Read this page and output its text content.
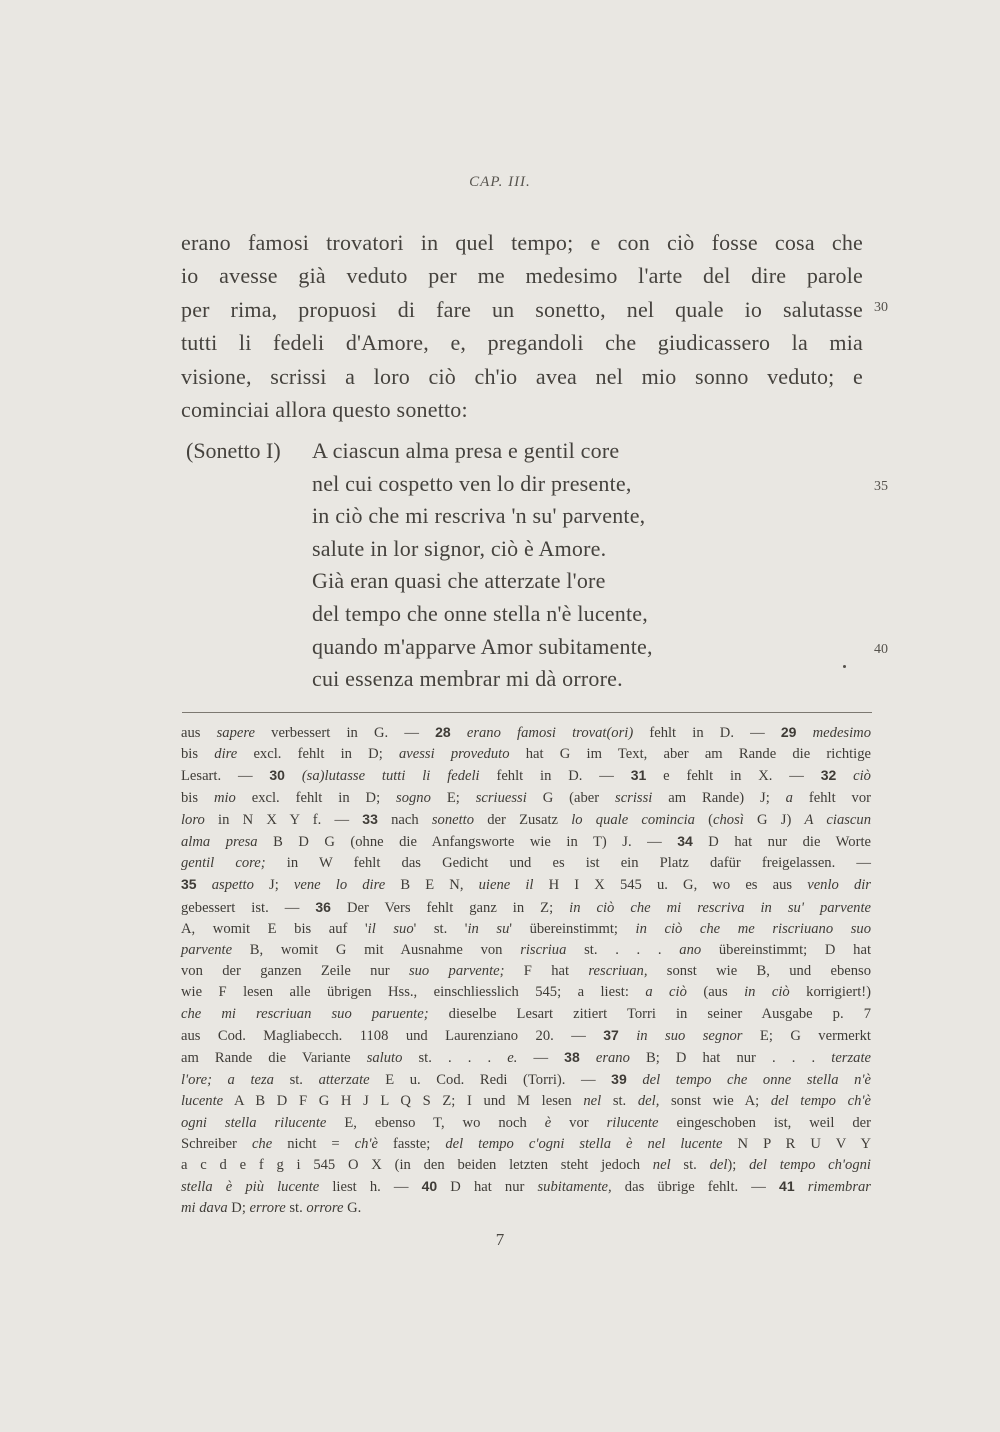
CAP. III.
erano famosi trovatori in quel tempo; e con ciò fosse cosa che
io avesse già veduto per me medesimo l'arte del dire parole
per rima, propuosi di fare un sonetto, nel quale io salutasse
tutti li fedeli d'Amore, e, pregandoli che giudicassero la mia
visione, scrissi a loro ciò ch'io avea nel mio sonno veduto; e
cominciai allora questo sonetto:
30
(Sonetto I) A ciascun alma presa e gentil core
nel cui cospetto ven lo dir presente,
in ciò che mi rescriva 'n su' parvente,
salute in lor signor, ciò è Amore.
Già eran quasi che atterzate l'ore
del tempo che onne stella n'è lucente,
quando m'apparve Amor subitamente,
cui essenza membrar mi dà orrore.
35
40
aus sapere verbessert in G. — 28 erano famosi trovat(ori) fehlt in D. — 29 medesimo
bis dire excl. fehlt in D; avessi proveduto hat G im Text, aber am Rande die richtige
Lesart. — 30 (sa)lutasse tutti li fedeli fehlt in D. — 31 e fehlt in X. — 32 ciò
bis mio excl. fehlt in D; sogno E; scriuessi G (aber scrissi am Rande) J; a fehlt vor
loro in N X Y f. — 33 nach sonetto der Zusatz lo quale comincia (chosì G J) A ciascun
alma presa B D G (ohne die Anfangsworte wie in T) J. — 34 D hat nur die Worte
gentil core; in W fehlt das Gedicht und es ist ein Platz dafür freigelassen. —
35 aspetto J; vene lo dire B E N, uiene il H I X 545 u. G, wo es aus venlo dir
gebessert ist. — 36 Der Vers fehlt ganz in Z; in ciò che mi rescriva in su' parvente
A, womit E bis auf 'il suo' st. 'in su' übereinstimmt; in ciò che me riscriuano suo
parvente B, womit G mit Ausnahme von riscriua st. . . . ano übereinstimmt; D hat
von der ganzen Zeile nur suo parvente; F hat rescriuan, sonst wie B, und ebenso
wie F lesen alle übrigen Hss., einschliesslich 545; a liest: a ciò (aus in ciò korrigiert!)
che mi rescriuan suo paruente; dieselbe Lesart zitiert Torri in seiner Ausgabe p. 7
aus Cod. Magliabecch. 1108 und Laurenziano 20. — 37 in suo segnor E; G vermerkt
am Rande die Variante saluto st. . . . e. — 38 erano B; D hat nur . . . terzate
l'ore; a teza st. atterzate E u. Cod. Redi (Torri). — 39 del tempo che onne stella n'è
lucente A B D F G H J L Q S Z; I und M lesen nel st. del, sonst wie A; del tempo ch'è
ogni stella rilucente E, ebenso T, wo noch è vor rilucente eingeschoben ist, weil der
Schreiber che nicht = ch'è fasste; del tempo c'ogni stella è nel lucente N P R U V Y
a c d e f g i 545 O X (in den beiden letzten steht jedoch nel st. del); del tempo ch'ogni
stella è più lucente liest h. — 40 D hat nur subitamente, das übrige fehlt. — 41 rimembrar
mi dava D; errore st. orrore G.
7
